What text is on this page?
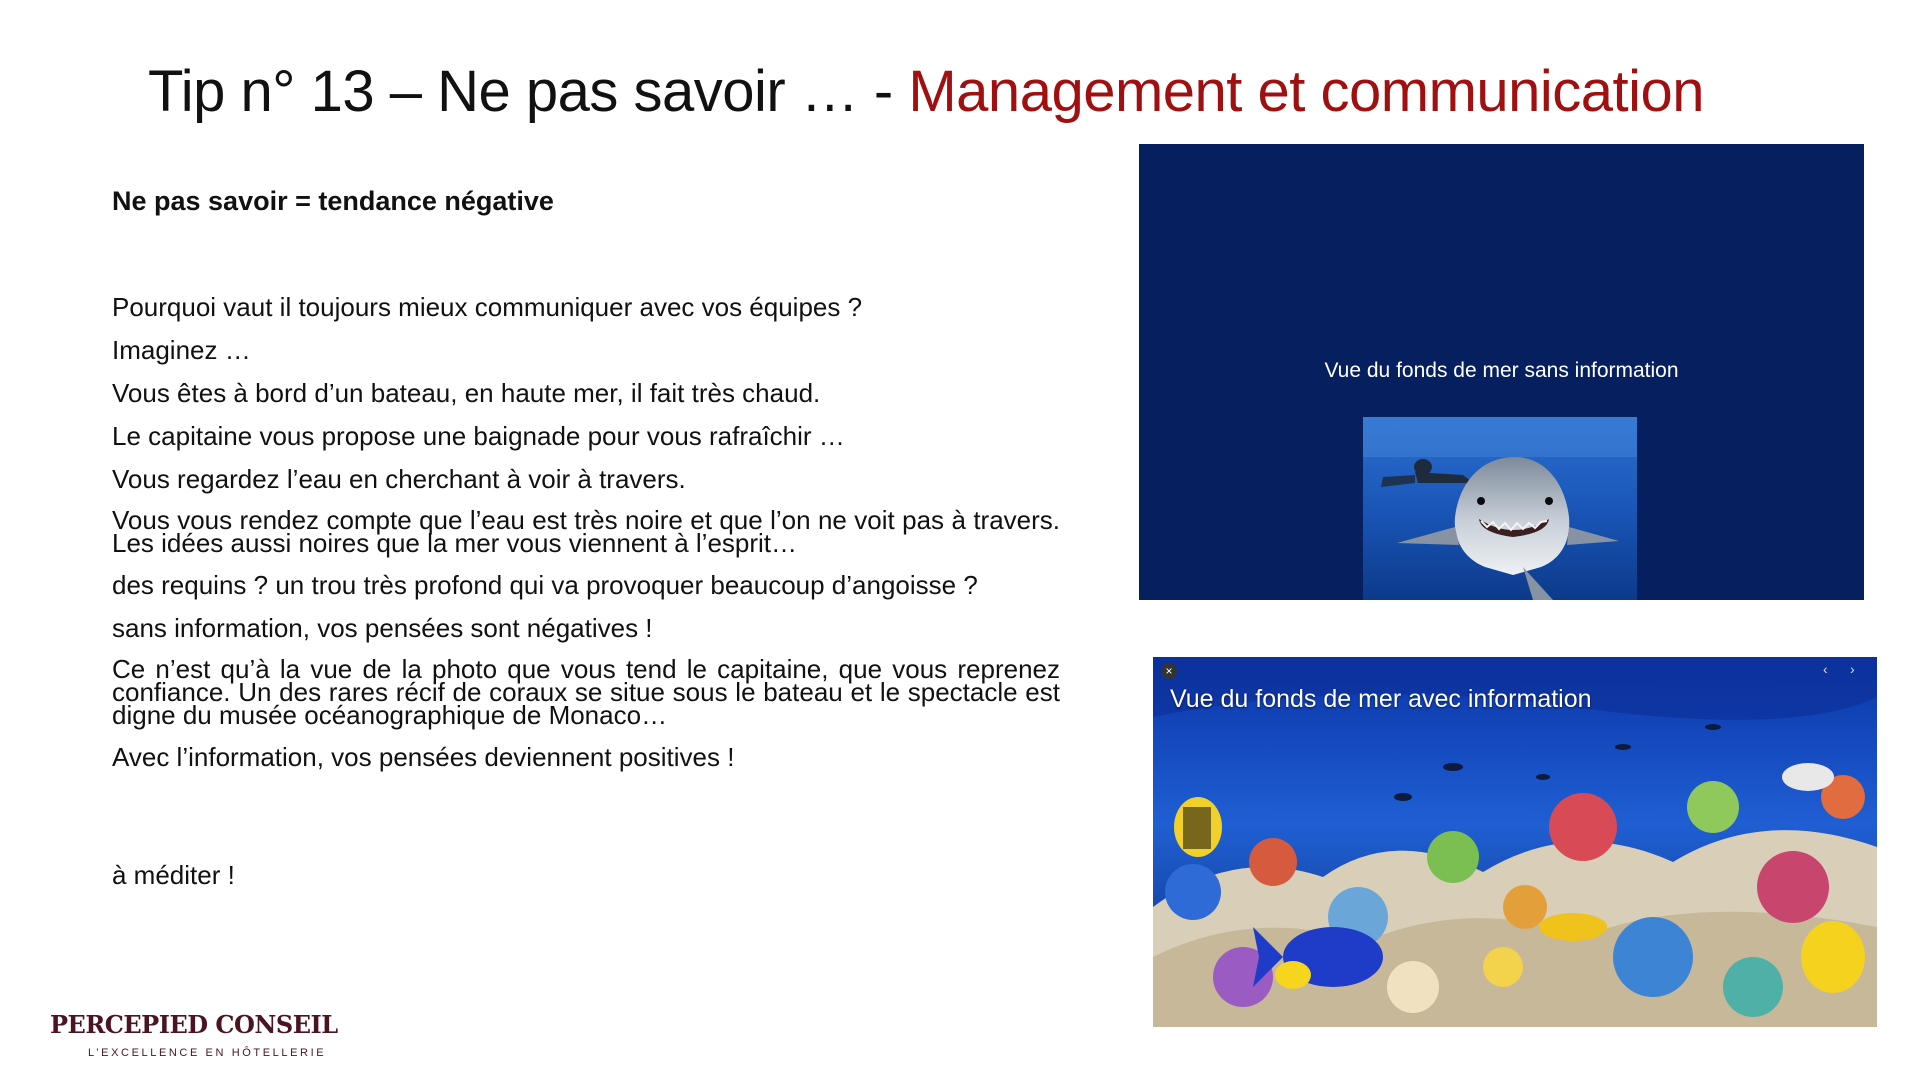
Tip n° 13 – Ne pas savoir … - Management et communication
Ne pas savoir = tendance négative

Pourquoi vaut il toujours mieux communiquer avec vos équipes ?

Imaginez …

Vous êtes à bord d’un bateau, en haute mer, il fait très chaud.

Le capitaine vous propose une baignade pour vous rafraîchir …

Vous regardez l’eau en cherchant à voir à travers.

Vous vous rendez compte que l’eau est très noire et que l’on ne voit pas à travers. Les idées aussi noires que la mer vous viennent à l’esprit…

des requins ? un trou très profond qui va provoquer beaucoup d’angoisse ?

sans information, vos pensées sont négatives !

Ce n’est qu’à la vue de la photo que vous tend le capitaine, que vous reprenez confiance. Un des rares récif de coraux se situe sous le bateau et le spectacle est digne du musée océanographique de Monaco…

Avec l’information, vos pensées deviennent positives !

à méditer !

Vue du fonds de mer sans information
×	‹ ›
Vue du fonds de mer avec information
PERCEPIED CONSEIL
L’EXCELLENCE EN HÔTELLERIE
